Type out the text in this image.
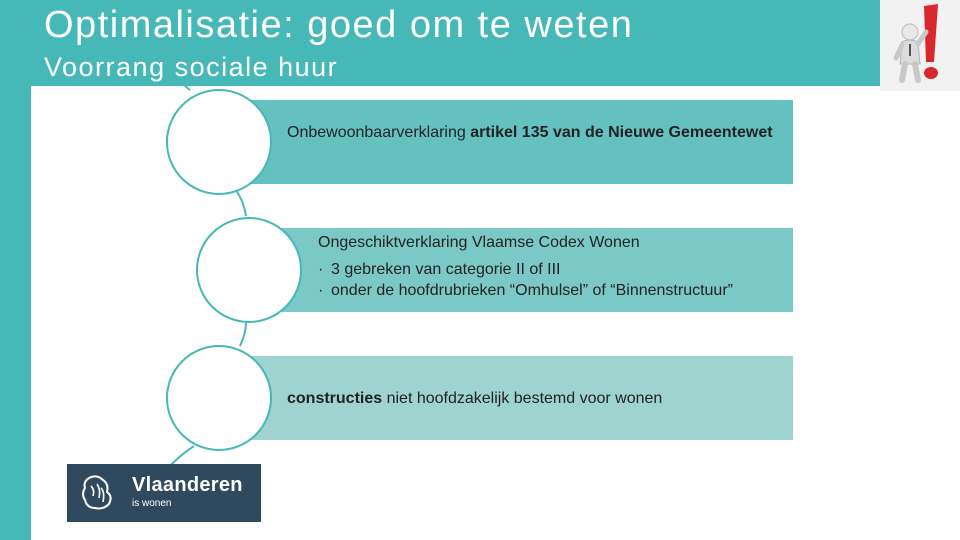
Optimalisatie: goed om te weten
Voorrang sociale huur
Onbewoonbaarverklaring artikel 135 van de Nieuwe Gemeentewet
Ongeschiktverklaring Vlaamse Codex Wonen
· 3 gebreken van categorie II of III
· onder de hoofdrubrieken “Omhulsel” of “Binnenstructuur”
constructies niet hoofdzakelijk bestemd voor wonen
Vlaanderen
is wonen
